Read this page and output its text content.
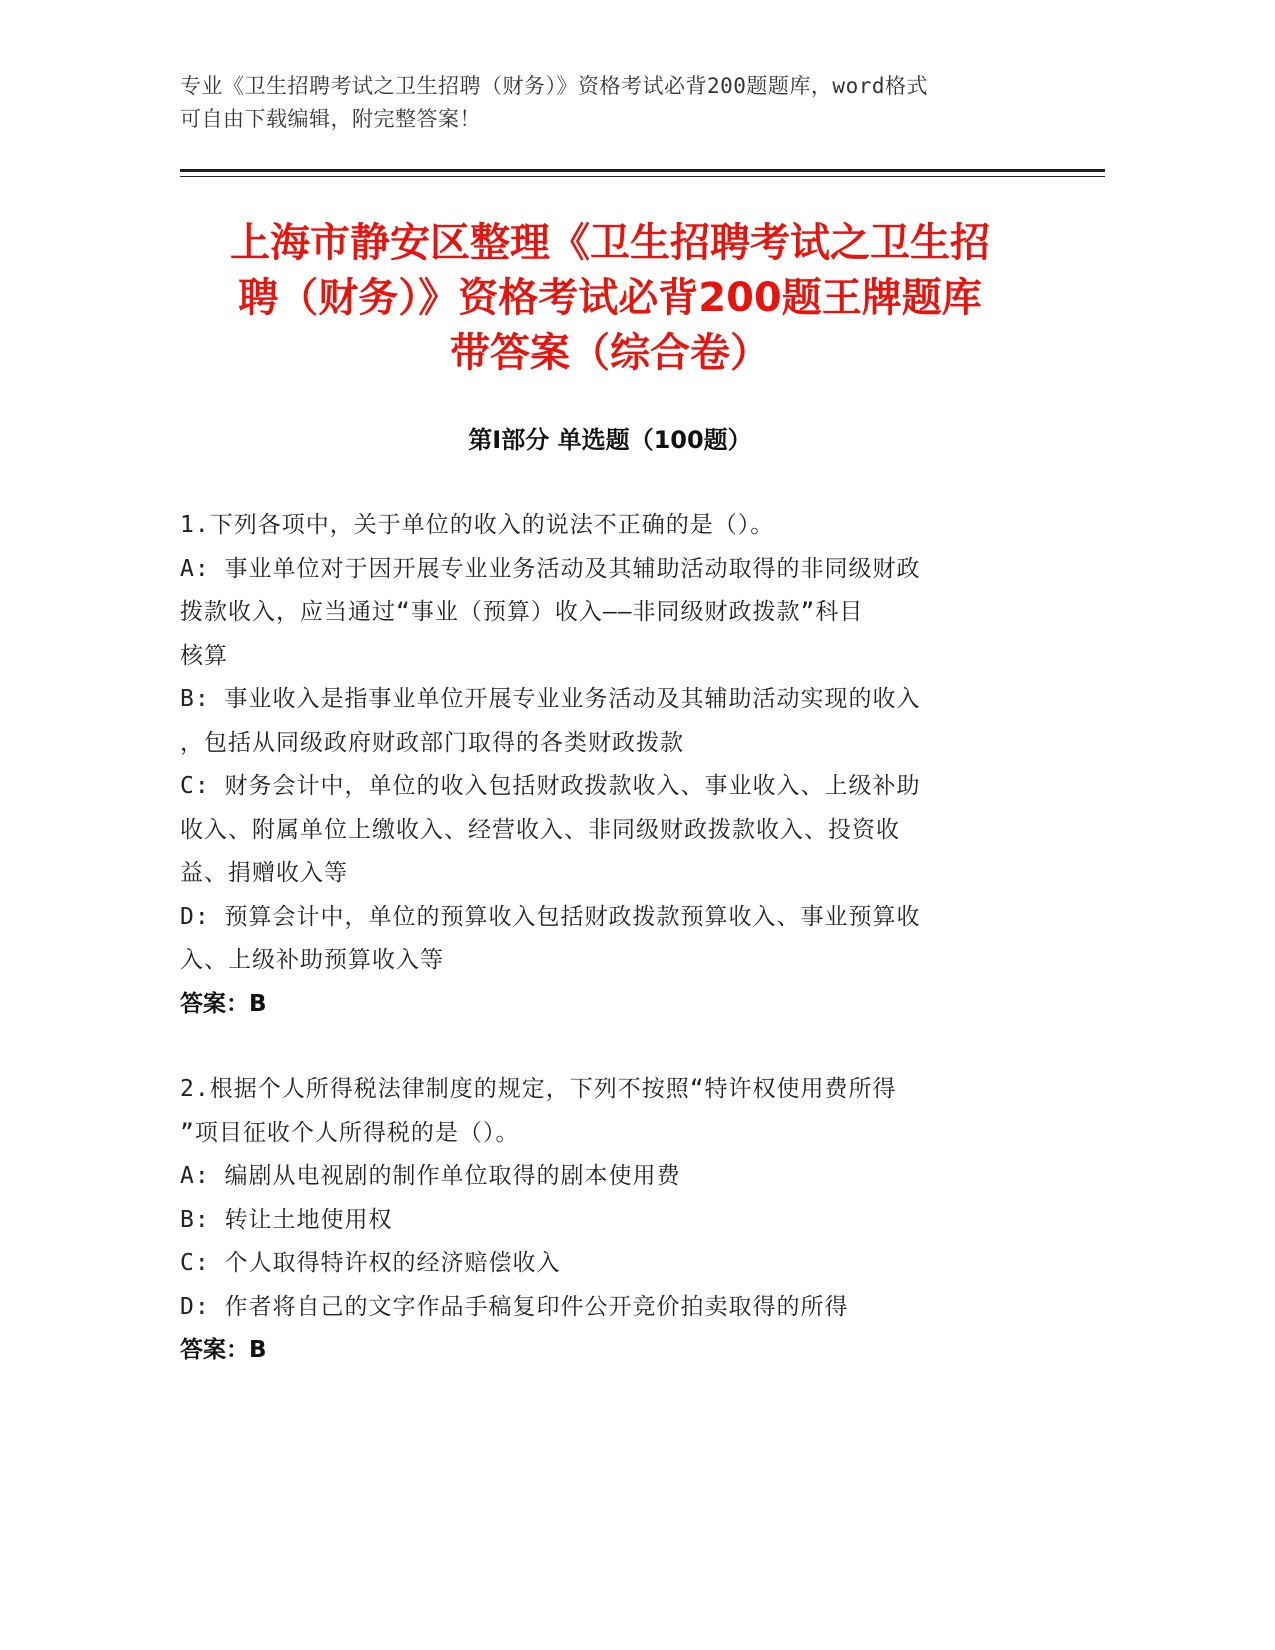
专业《卫生招聘考试之卫生招聘（财务）》资格考试必背200题题库，word格式
可自由下载编辑，附完整答案！
上海市静安区整理《卫生招聘考试之卫生招
聘（财务）》资格考试必背200题王牌题库
带答案（综合卷）
第Ⅰ部分 单选题（100题）
1.下列各项中，关于单位的收入的说法不正确的是（）。
A: 事业单位对于因开展专业业务活动及其辅助活动取得的非同级财政
拨款收入，应当通过“事业（预算）收入——非同级财政拨款”科目
核算
B: 事业收入是指事业单位开展专业业务活动及其辅助活动实现的收入
，包括从同级政府财政部门取得的各类财政拨款
C: 财务会计中，单位的收入包括财政拨款收入、事业收入、上级补助
收入、附属单位上缴收入、经营收入、非同级财政拨款收入、投资收
益、捐赠收入等
D: 预算会计中，单位的预算收入包括财政拨款预算收入、事业预算收
入、上级补助预算收入等
答案：B
2.根据个人所得税法律制度的规定，下列不按照“特许权使用费所得
”项目征收个人所得税的是（）。
A: 编剧从电视剧的制作单位取得的剧本使用费
B: 转让土地使用权
C: 个人取得特许权的经济赔偿收入
D: 作者将自己的文字作品手稿复印件公开竞价拍卖取得的所得
答案：B
